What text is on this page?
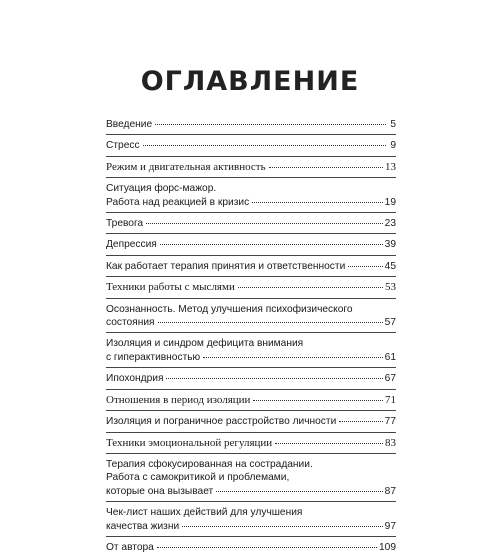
ОГЛАВЛЕНИЕ
Введение	5
Стресс	9
Режим и двигательная активность	13
Ситуация форс-мажор.
Работа над реакцией в кризис	19
Тревога	23
Депрессия	39
Как работает терапия принятия и ответственности	45
Техники работы с мыслями	53
Осознанность. Метод улучшения психофизического
состояния	57
Изоляция и синдром дефицита внимания
с гиперактивностью	61
Ипохондрия	67
Отношения в период изоляции	71
Изоляция и пограничное расстройство личности	77
Техники эмоциональной регуляции	83
Терапия сфокусированная на сострадании.
Работа с самокритикой и проблемами,
которые она вызывает	87
Чек-лист наших действий для улучшения
качества жизни	97
От автора	109
